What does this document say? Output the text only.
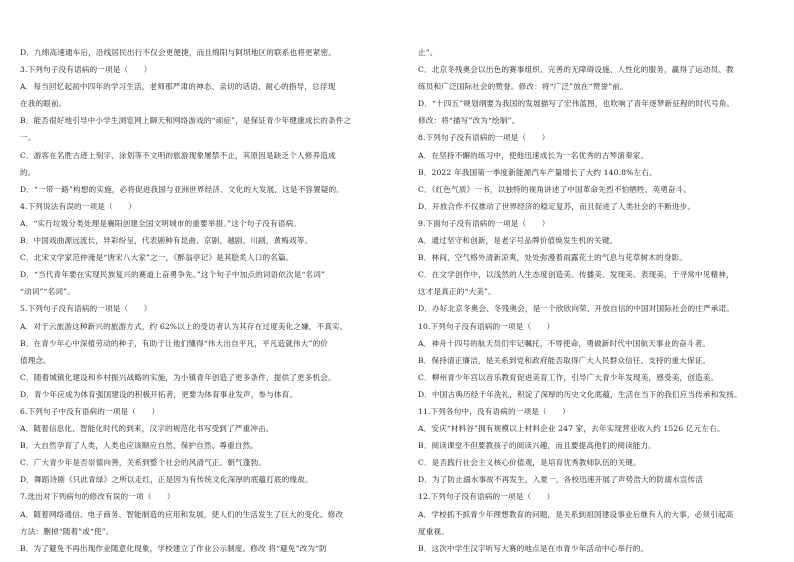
D．九绵高速通车后，沿线居民出行不仅会更便捷，而且绵阳与阿坝地区的联系也将更紧密。
3.下列句子没有语病的一项是（　　）
A．每当回忆起初中四年的学习生活，老师那严肃的神态、亲切的话语，耐心的指导，总浮现
在我的眼前。
B．能否很好地引导中小学生浏览网上聊天和网络游戏的“顽症”，是保证青少年健康成长的条件之
一。
C．游客在名胜古迹上刻字、涂划等不文明的旅游现象屡禁不止，其原因是缺乏个人修养造成
的。
D．“一带一路”构想的实施，必将促进我国与亚洲世界经济、文化的大发展，这是不容置疑的。
4.下列说法有误的一项是（　　）
A．“实行垃圾分类处理是襄阳创建全国文明城市的重要举措。”这个句子没有语病。
B．中国戏曲源远流长，异彩纷呈，代表剧种有昆曲、京剧、越剧、川剧、黄梅戏等。
C．北宋文学家范仲淹是“唐宋八大家”之一，《醉翁亭记》是其脍炙人口的名篇。
D．“当代青年要在实现民族复兴的赛道上奋勇争先。”这个句子中加点的词语依次是“名词”
“动词”“名词”。
5.下列句子没有语病的一项是（　　）
A．对于云旅游这种新兴的旅游方式，约 62%以上的受访者认为其存在过度美化之嫌，不真实。
B．在青少年心中深植劳动的种子，有助于让他们懂得“伟大出自平凡，平凡造就伟大”的价
值理念。
C．随着城镇化建设和乡村振兴战略的实施，为小镇青年创造了更多条件，提供了更多机会。
D．青少年应成为体育强国建设的积极开拓者，更要为体育事业发声，参与体育。
6.下列句子中没有语病的一项是（　　）
A．随着信息化、智能化时代的到来，汉字的规范化书写受到了严重冲击。
B．大自然孕育了人类，人类也应该顺应自然、保护自然、尊重自然。
C．广大青少年是否崇德向善，关系到整个社会的风清气正、朝气蓬勃。
D．舞蹈诗剧《只此青绿》之所以走红，正是因为有传统文化深厚的底蕴打底的缘故。
7.选出对下列病句的修改有误的一项（　　）
A．随着网络通信、电子商务、智能制造的应用和发展，使人们的生活发生了巨大的变化。修改
方法：删掉“随着”或“使”。
B．为了避免不再出现作业随意化现象，学校建立了作业公示制度。修改 将“避免”改为“防
止”。
C．北京冬残奥会以出色的赛事组织、完善的无障碍设施、人性化的服务，赢得了运动员、教
练员和广泛国际社会的赞誉。修改：将“广泛”放在“赞誉”前。
D．“十四五”规划纲要为我国的发展描写了宏伟蓝图，也吹响了青年逐梦新征程的时代号角。
修改：将“描写”改为“绘制”。
8.下列句子没有语病的一项是（　　）
A．在坚持不懈的练习中，使他迅速成长为一名优秀的古琴演奏家。
B．2022 年我国第一季度新能源汽车产量增长了大约 140.8%左右。
C．《红色气质》一书，以独特的视角讲述了中国革命先烈不怕牺牲、英勇奋斗。
D．开放合作不仅推动了世界经济的稳定复苏，而且促进了人类社会的不断进步。
9.下面句子没有语病的一项是（　　）
A．通过坚守和创新，是老字号品牌价值焕发生机的关键。
B．林间，空气格外清新凉爽，处处弥漫着雨露花土的气息与花草树木的身影。
C．在文学创作中，以浅然的人生态度创造美、传播美、发现美、表现美，于寻常中见精神，
这才是真正的“大美”。
D．办好北京冬奥会、冬残奥会，是一个欣欣向荣、开放自信的中国对国际社会的庄严承诺。
10.下列句子没有语病的一项是（　　）
A．神舟十四号的航天员们牢记嘱托，不辱使命，勇做新时代中国航天事业的奋斗者。
B．保持清正廉洁，是关系到党和政府能否取得广大人民群众信任、支持的重大保证。
C．柳州青少年宫以音乐教育促进美育工作，引导广大青少年发现美，感受美，创造美。
D．中国古典历经千年洗礼，积淀了深厚的历史文化底蕴，生活在当下的我们应当传承和发扬。
11.下列各句中，没有语病的一项是（　　）
A．安庆“材料谷”拥有规模以上材料企业 247 家，去年实现营业收入约 1526 亿元左右。
B．阅读课堂不但要教孩子的阅读兴趣，而且要提高他们的阅读能力。
C．是否践行社会主义核心价值观，是培育优秀教师队伍的关键。
D．为了防止溺水事故不再发生，入夏一，各校迅速开展了声势浩大的防溺水宣传活
12.下列句子没有语病的一项是（　　）
A．学校抓不抓青少年理想教育的问题，是关系到祖国建设事业后继有人的大事，必须引起高
度重视。
B．这次中学生汉字听写大赛的地点是在市青少年活动中心举行的。
